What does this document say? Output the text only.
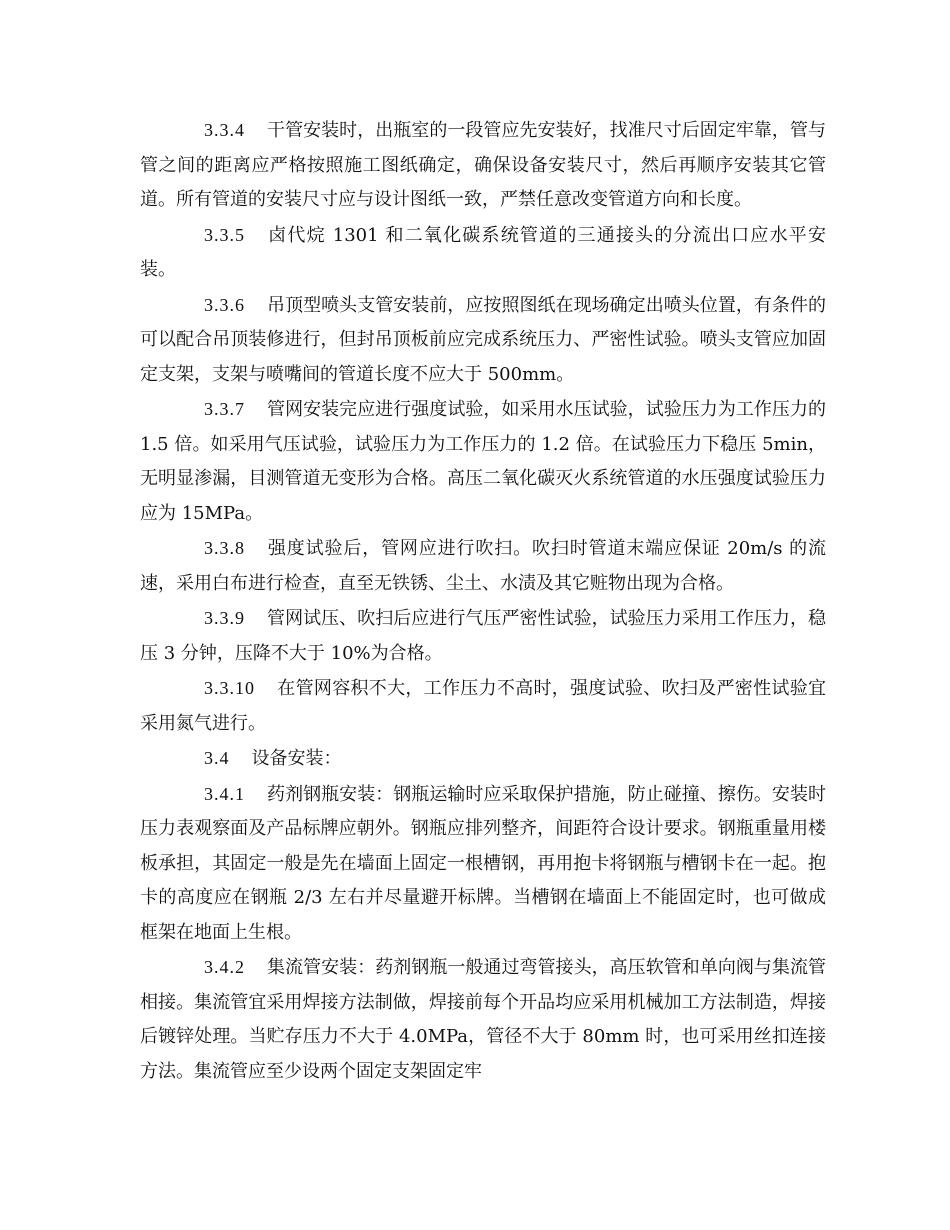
3.3.4 干管安装时，出瓶室的一段管应先安装好，找准尺寸后固定牢靠，管与管之间的距离应严格按照施工图纸确定，确保设备安装尺寸，然后再顺序安装其它管道。所有管道的安装尺寸应与设计图纸一致，严禁任意改变管道方向和长度。

3.3.5 卤代烷 1301 和二氧化碳系统管道的三通接头的分流出口应水平安装。

3.3.6 吊顶型喷头支管安装前，应按照图纸在现场确定出喷头位置，有条件的可以配合吊顶装修进行，但封吊顶板前应完成系统压力、严密性试验。喷头支管应加固定支架，支架与喷嘴间的管道长度不应大于 500mm。

3.3.7 管网安装完应进行强度试验，如采用水压试验，试验压力为工作压力的 1.5 倍。如采用气压试验，试验压力为工作压力的 1.2 倍。在试验压力下稳压 5min，无明显渗漏，目测管道无变形为合格。高压二氧化碳灭火系统管道的水压强度试验压力应为 15MPa。

3.3.8 强度试验后，管网应进行吹扫。吹扫时管道末端应保证 20m/s 的流速，采用白布进行检查，直至无铁锈、尘土、水渍及其它赃物出现为合格。

3.3.9 管网试压、吹扫后应进行气压严密性试验，试验压力采用工作压力，稳压 3 分钟，压降不大于 10%为合格。

3.3.10 在管网容积不大，工作压力不高时，强度试验、吹扫及严密性试验宜采用氮气进行。

3.4 设备安装：

3.4.1 药剂钢瓶安装：钢瓶运输时应采取保护措施，防止碰撞、擦伤。安装时压力表观察面及产品标牌应朝外。钢瓶应排列整齐，间距符合设计要求。钢瓶重量用楼板承担，其固定一般是先在墙面上固定一根槽钢，再用抱卡将钢瓶与槽钢卡在一起。抱卡的高度应在钢瓶 2/3 左右并尽量避开标牌。当槽钢在墙面上不能固定时，也可做成框架在地面上生根。

3.4.2 集流管安装：药剂钢瓶一般通过弯管接头，高压软管和单向阀与集流管相接。集流管宜采用焊接方法制做，焊接前每个开品均应采用机械加工方法制造，焊接后镀锌处理。当贮存压力不大于 4.0MPa，管径不大于 80mm 时，也可采用丝扣连接方法。集流管应至少设两个固定支架固定牢
